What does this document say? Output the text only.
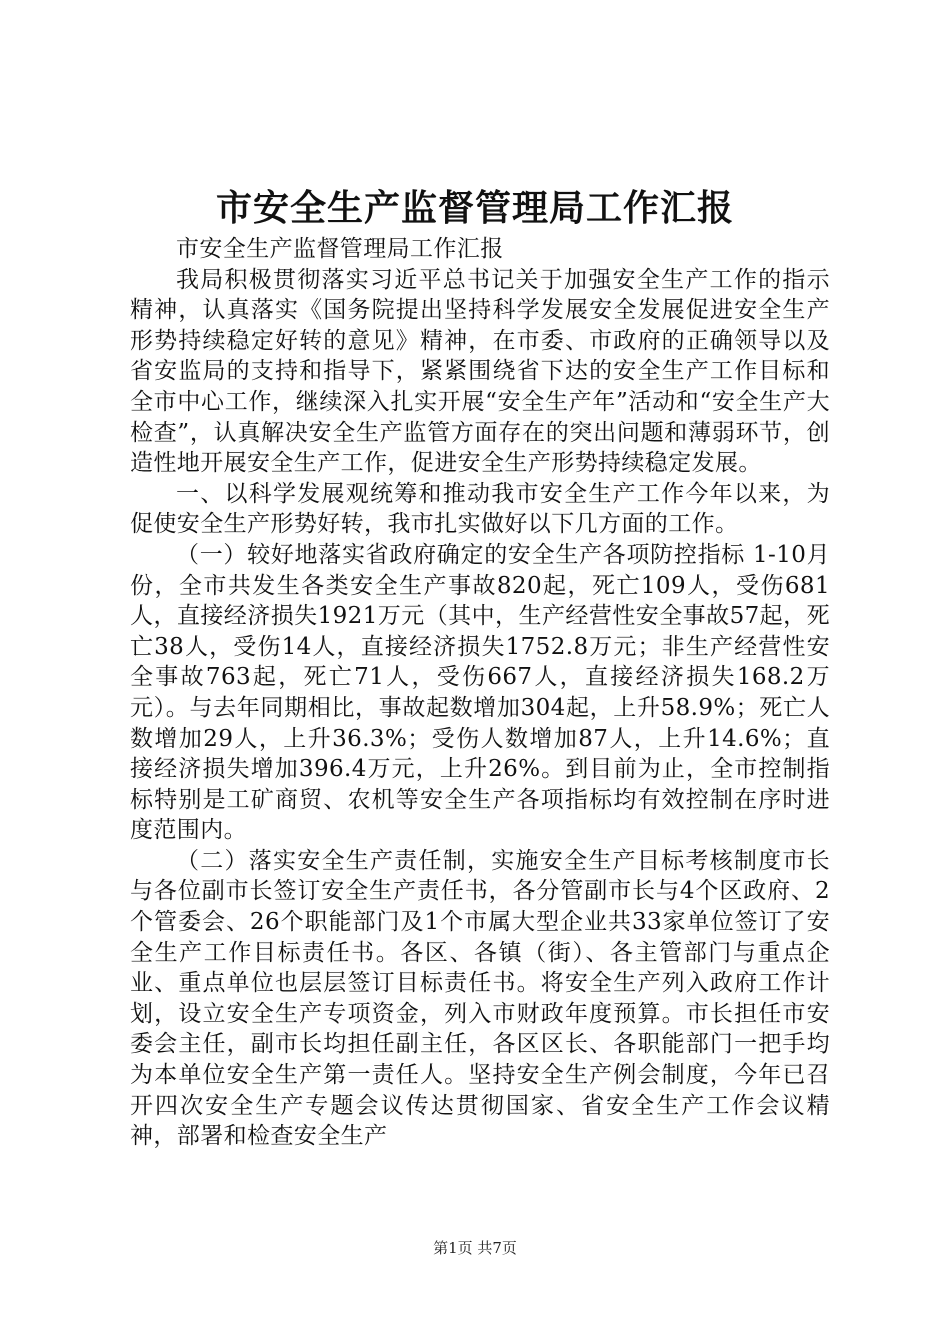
市安全生产监督管理局工作汇报

市安全生产监督管理局工作汇报

我局积极贯彻落实习近平总书记关于加强安全生产工作的指示精神，认真落实《国务院提出坚持科学发展安全发展促进安全生产形势持续稳定好转的意见》精神，在市委、市政府的正确领导以及省安监局的支持和指导下，紧紧围绕省下达的安全生产工作目标和全市中心工作，继续深入扎实开展“安全生产年”活动和“安全生产大检查”，认真解决安全生产监管方面存在的突出问题和薄弱环节，创造性地开展安全生产工作，促进安全生产形势持续稳定发展。

一、以科学发展观统筹和推动我市安全生产工作今年以来，为促使安全生产形势好转，我市扎实做好以下几方面的工作。

（一）较好地落实省政府确定的安全生产各项防控指标 1-10月份，全市共发生各类安全生产事故820起，死亡109人，受伤681人，直接经济损失1921万元（其中，生产经营性安全事故57起，死亡38人，受伤14人，直接经济损失1752.8万元；非生产经营性安全事故763起，死亡71人，受伤667人，直接经济损失168.2万元）。与去年同期相比，事故起数增加304起，上升58.9%；死亡人数增加29人，上升36.3%；受伤人数增加87人，上升14.6%；直接经济损失增加396.4万元，上升26%。到目前为止，全市控制指标特别是工矿商贸、农机等安全生产各项指标均有效控制在序时进度范围内。

（二）落实安全生产责任制，实施安全生产目标考核制度市长与各位副市长签订安全生产责任书，各分管副市长与4个区政府、2个管委会、26个职能部门及1个市属大型企业共33家单位签订了安全生产工作目标责任书。各区、各镇（街）、各主管部门与重点企业、重点单位也层层签订目标责任书。将安全生产列入政府工作计划，设立安全生产专项资金，列入市财政年度预算。市长担任市安委会主任，副市长均担任副主任，各区区长、各职能部门一把手均为本单位安全生产第一责任人。坚持安全生产例会制度，今年已召开四次安全生产专题会议传达贯彻国家、省安全生产工作会议精神，部署和检查安全生产

第1页 共7页
